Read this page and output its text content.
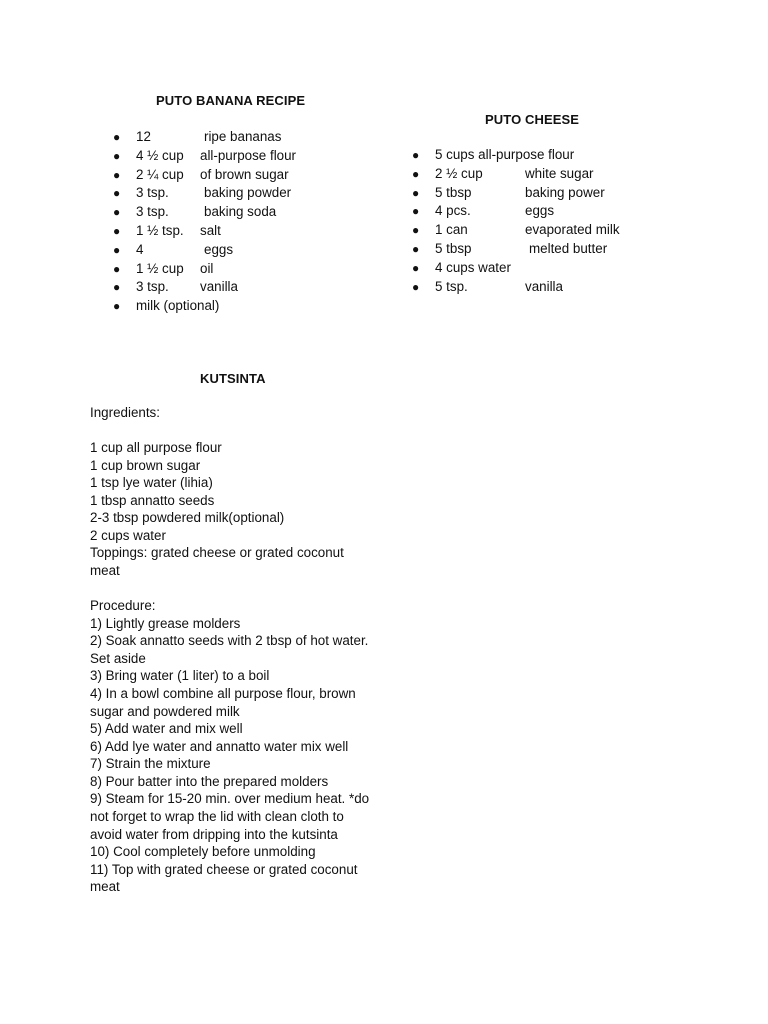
PUTO BANANA RECIPE
● 12	ripe bananas
● 4 ½ cup all-purpose flour
● 2 ¼ cup of brown sugar
● 3 tsp.	baking powder
● 3 tsp.	baking soda
● 1 ½ tsp. salt
● 4	eggs
● 1 ½ cup oil
● 3 tsp. vanilla
● milk (optional)
PUTO CHEESE
● 5 cups all-purpose flour
● 2 ½ cup	white sugar
● 5 tbsp	baking power
● 4 pcs.	eggs
● 1 can	evaporated milk
● 5 tbsp	melted butter
● 4 cups water
● 5 tsp.	vanilla
KUTSINTA
Ingredients:
1 cup all purpose flour
1 cup brown sugar
1 tsp lye water (lihia)
1 tbsp annatto seeds
2-3 tbsp powdered milk(optional)
2 cups water
Toppings: grated cheese or grated coconut
meat
Procedure:
1) Lightly grease molders
2) Soak annatto seeds with 2 tbsp of hot water.
Set aside
3) Bring water (1 liter) to a boil
4) In a bowl combine all purpose flour, brown
sugar and powdered milk
5) Add water and mix well
6) Add lye water and annatto water mix well
7) Strain the mixture
8) Pour batter into the prepared molders
9) Steam for 15-20 min. over medium heat. *do
not forget to wrap the lid with clean cloth to
avoid water from dripping into the kutsinta
10) Cool completely before unmolding
11) Top with grated cheese or grated coconut
meat
